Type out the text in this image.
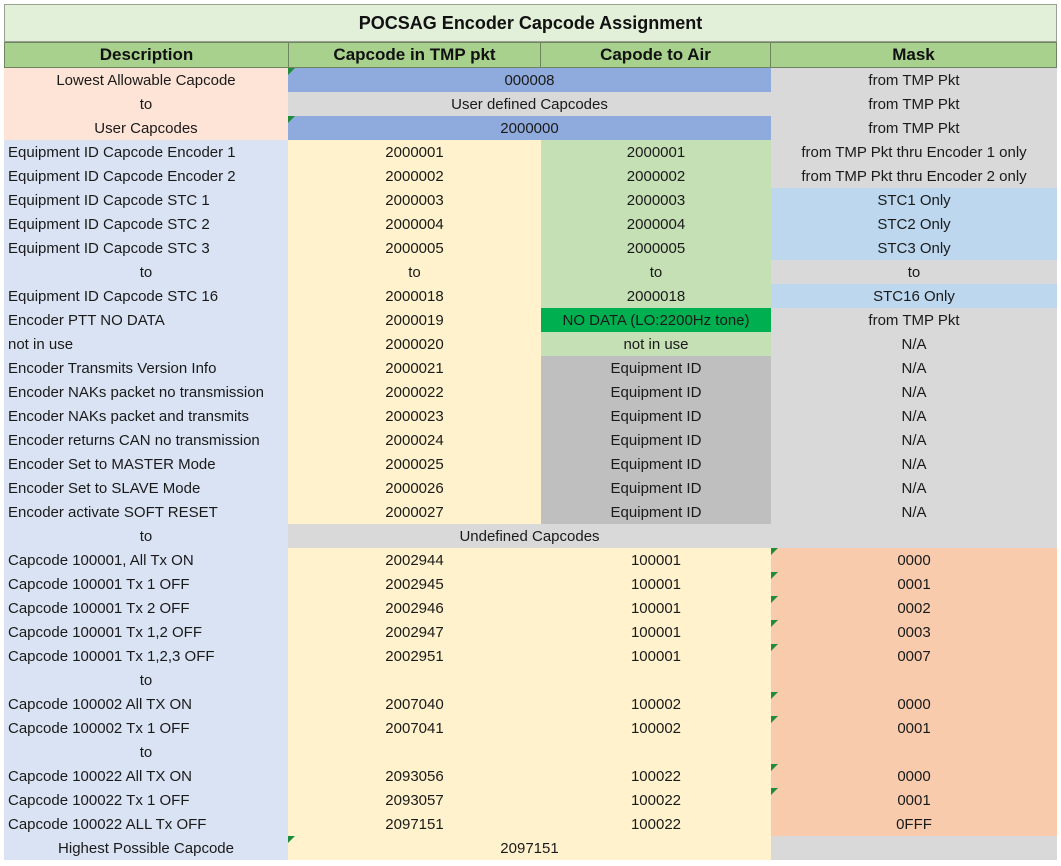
POCSAG Encoder Capcode Assignment
Description	Capcode in TMP pkt	Capode to Air	Mask
Lowest Allowable Capcode	000008	from TMP Pkt
to	User defined Capcodes	from TMP Pkt
User Capcodes	2000000	from TMP Pkt
Equipment ID Capcode Encoder 1	2000001	2000001	from TMP Pkt thru Encoder 1 only
Equipment ID Capcode Encoder 2	2000002	2000002	from TMP Pkt thru Encoder 2 only
Equipment ID Capcode STC 1	2000003	2000003	STC1 Only
Equipment ID Capcode STC 2	2000004	2000004	STC2 Only
Equipment ID Capcode STC 3	2000005	2000005	STC3 Only
to	to	to	to
Equipment ID Capcode STC 16	2000018	2000018	STC16 Only
Encoder PTT NO DATA	2000019	NO DATA (LO:2200Hz tone)	from TMP Pkt
not in use	2000020	not in use	N/A
Encoder Transmits Version Info	2000021	Equipment ID	N/A
Encoder NAKs packet no transmission	2000022	Equipment ID	N/A
Encoder NAKs packet and transmits	2000023	Equipment ID	N/A
Encoder returns CAN no transmission	2000024	Equipment ID	N/A
Encoder Set to MASTER Mode	2000025	Equipment ID	N/A
Encoder Set to SLAVE Mode	2000026	Equipment ID	N/A
Encoder activate SOFT RESET	2000027	Equipment ID	N/A
to	Undefined Capcodes
Capcode 100001, All Tx ON	2002944	100001	0000
Capcode 100001 Tx 1 OFF	2002945	100001	0001
Capcode 100001 Tx 2 OFF	2002946	100001	0002
Capcode 100001 Tx 1,2 OFF	2002947	100001	0003
Capcode 100001 Tx 1,2,3 OFF	2002951	100001	0007
to
Capcode 100002 All TX ON	2007040	100002	0000
Capcode 100002 Tx 1 OFF	2007041	100002	0001
to
Capcode 100022 All TX ON	2093056	100022	0000
Capcode 100022 Tx 1 OFF	2093057	100022	0001
Capcode 100022 ALL Tx OFF	2097151	100022	0FFF
Highest Possible Capcode	2097151
